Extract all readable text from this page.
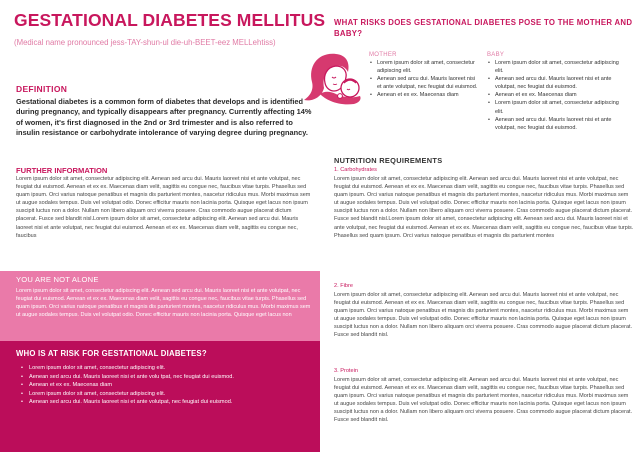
GESTATIONAL DIABETES MELLITUS
(Medical name pronounced jess-TAY-shun-ul die-uh-BEET-eez MELLehtiss)
DEFINITION

Gestational diabetes is a common form of diabetes that develops and is identified during pregnancy, and typically disappears after pregnancy. Currently affecting 14% of women, it's first diagnosed in the 2nd or 3rd trimester and is also referred to insulin resistance or carbohydrate intolerance of varying degree during pregnancy.

FURTHER INFORMATION

Lorem ipsum dolor sit amet, consectetur adipiscing elit. Aenean sed arcu dui. Mauris laoreet nisi et ante volutpat, nec feugiat dui euismod. Aenean et ex ex. Maecenas diam velit, sagittis eu congue nec, faucibus vitae turpis. Phasellus sed quam ipsum. Orci varius natoque penatibus et magnis dis parturient montes, nascetur ridiculus mus. Morbi maximus sem ut augue sodales tempus. Duis vel volutpat odio. Donec efficitur mauris non lacinia porta. Quisque eget lacus non ipsum suscipit luctus non a dolor. Nullam non libero aliquam orci viverra posuere. Cras commodo augue placerat dictum placerat. Fusce sed blandit nisl.Lorem ipsum dolor sit amet, consectetur adipiscing elit. Aenean sed arcu dui. Mauris laoreet nisi et ante volutpat, nec feugiat dui euismod. Aenean et ex ex. Maecenas diam velit, sagittis eu congue nec, faucibus

YOU ARE NOT ALONE

Lorem ipsum dolor sit amet, consectetur adipiscing elit. Aenean sed arcu dui. Mauris laoreet nisi et ante volutpat, nec feugiat dui euismod. Aenean et ex ex. Maecenas diam velit, sagittis eu congue nec, faucibus vitae turpis. Phasellus sed quam ipsum. Orci varius natoque penatibus et magnis dis parturient montes, nascetur ridiculus mus. Morbi maximus sem ut augue sodales tempus. Duis vel volutpat odio. Donec efficitur mauris non lacinia porta. Quisque eget lacus non

WHO IS AT RISK FOR GESTATIONAL DIABETES?
• Lorem ipsum dolor sit amet, consectetur adipiscing elit.
• Aenean sed arcu dui. Mauris laoreet nisi et ante volu tpat, nec feugiat dui euismod.
• Aenean et ex ex. Maecenas diam
• Lorem ipsum dolor sit amet, consectetur adipiscing elit.
• Aenean sed arcu dui. Mauris laoreet nisi et ante volutpat, nec feugiat dui euismod.
WHAT RISKS DOES GESTATIONAL DIABETES POSE TO THE MOTHER AND BABY?
MOTHER
• Lorem ipsum dolor sit amet, consectetur adipiscing elit.
• Aenean sed arcu dui. Mauris laoreet nisi et ante volutpat, nec feugiat dui euismod.
• Aenean et ex ex. Maecenas diam
BABY
• Lorem ipsum dolor sit amet, consectetur adipiscing elit.
• Aenean sed arcu dui. Mauris laoreet nisi et ante volutpat, nec feugiat dui euismod.
• Aenean et ex ex. Maecenas diam
• Lorem ipsum dolor sit amet, consectetur adipiscing elit.
• Aenean sed arcu dui. Mauris laoreet nisi et ante volutpat, nec feugiat dui euismod.
NUTRITION REQUIREMENTS
1. Carbohydrates

Lorem ipsum dolor sit amet, consectetur adipiscing elit. Aenean sed arcu dui. Mauris laoreet nisi et ante volutpat, nec feugiat dui euismod. Aenean et ex ex. Maecenas diam velit, sagittis eu congue nec, faucibus vitae turpis. Phasellus sed quam ipsum. Orci varius natoque penatibus et magnis dis parturient montes, nascetur ridiculus mus. Morbi maximus sem ut augue sodales tempus. Duis vel volutpat odio. Donec efficitur mauris non lacinia porta. Quisque eget lacus non ipsum suscipit luctus non a dolor. Nullam non libero aliquam orci viverra posuere. Cras commodo augue placerat dictum placerat. Fusce sed blandit nisl.Lorem ipsum dolor sit amet, consectetur adipiscing elit. Aenean sed arcu dui. Mauris laoreet nisi et ante volutpat, nec feugiat dui euismod. Aenean et ex ex. Maecenas diam velit, sagittis eu congue nec, faucibus vitae turpis. Phasellus sed quam ipsum. Orci varius natoque penatibus et magnis dis parturient montes

2. Fibre

Lorem ipsum dolor sit amet, consectetur adipiscing elit. Aenean sed arcu dui. Mauris laoreet nisi et ante volutpat, nec feugiat dui euismod. Aenean et ex ex. Maecenas diam velit, sagittis eu congue nec, faucibus vitae turpis. Phasellus sed quam ipsum. Orci varius natoque penatibus et magnis dis parturient montes, nascetur ridiculus mus. Morbi maximus sem ut augue sodales tempus. Duis vel volutpat odio. Donec efficitur mauris non lacinia porta. Quisque eget lacus non ipsum suscipit luctus non a dolor. Nullam non libero aliquam orci viverra posuere. Cras commodo augue placerat dictum placerat. Fusce sed blandit nisl.

3. Protein

Lorem ipsum dolor sit amet, consectetur adipiscing elit. Aenean sed arcu dui. Mauris laoreet nisi et ante volutpat, nec feugiat dui euismod. Aenean et ex ex. Maecenas diam velit, sagittis eu congue nec, faucibus vitae turpis. Phasellus sed quam ipsum. Orci varius natoque penatibus et magnis dis parturient montes, nascetur ridiculus mus. Morbi maximus sem ut augue sodales tempus. Duis vel volutpat odio. Donec efficitur mauris non lacinia porta. Quisque eget lacus non ipsum suscipit luctus non a dolor. Nullam non libero aliquam orci viverra posuere. Cras commodo augue placerat dictum placerat. Fusce sed blandit nisl.
